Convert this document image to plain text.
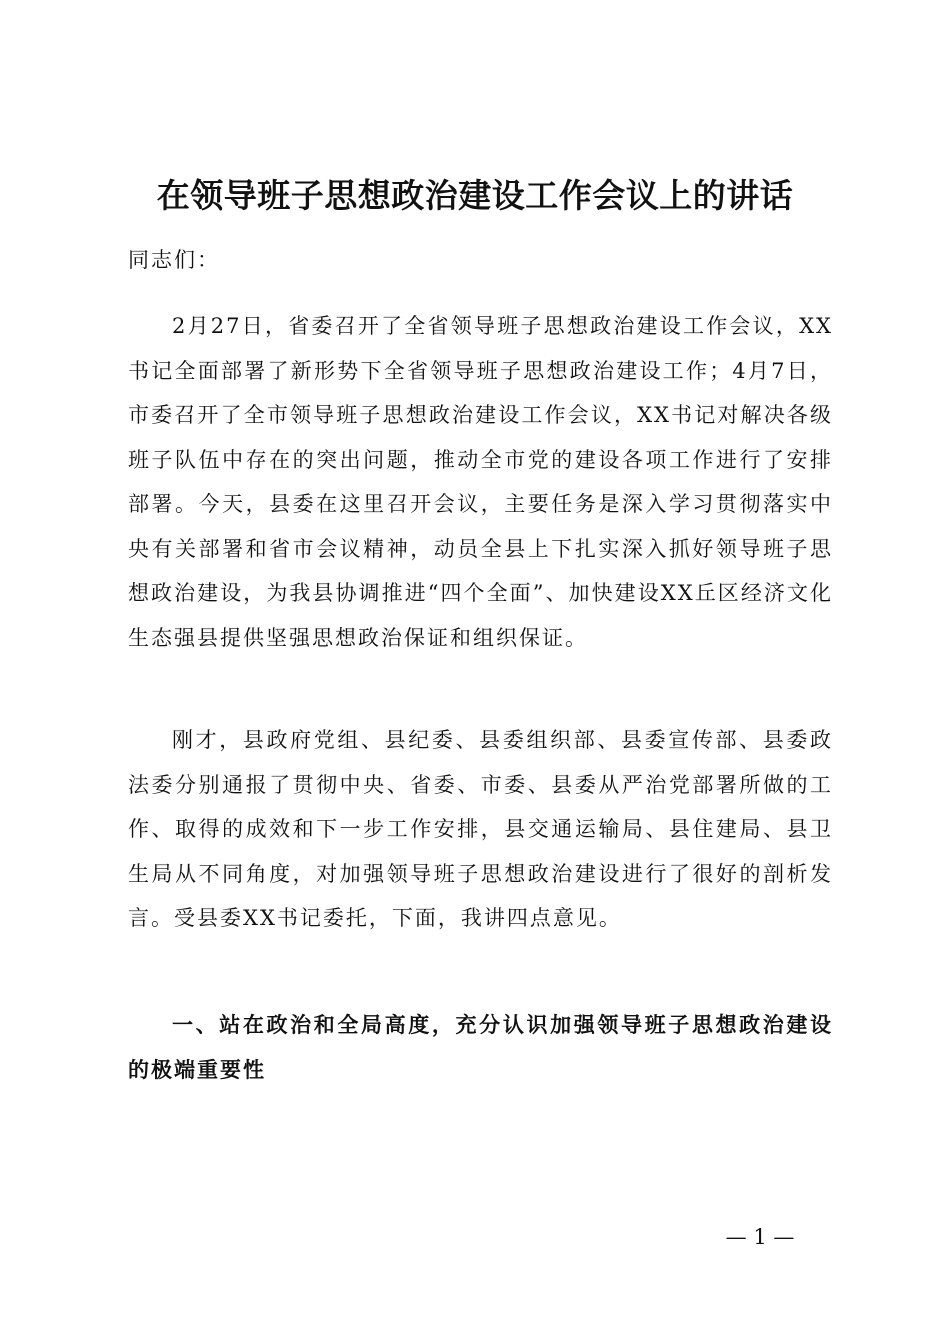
在领导班子思想政治建设工作会议上的讲话

同志们：

2月27日，省委召开了全省领导班子思想政治建设工作会议，XX书记全面部署了新形势下全省领导班子思想政治建设工作；4月7日，市委召开了全市领导班子思想政治建设工作会议，XX书记对解决各级班子队伍中存在的突出问题，推动全市党的建设各项工作进行了安排部署。今天，县委在这里召开会议，主要任务是深入学习贯彻落实中央有关部署和省市会议精神，动员全县上下扎实深入抓好领导班子思想政治建设，为我县协调推进“四个全面”、加快建设XX丘区经济文化生态强县提供坚强思想政治保证和组织保证。

刚才，县政府党组、县纪委、县委组织部、县委宣传部、县委政法委分别通报了贯彻中央、省委、市委、县委从严治党部署所做的工作、取得的成效和下一步工作安排，县交通运输局、县住建局、县卫生局从不同角度，对加强领导班子思想政治建设进行了很好的剖析发言。受县委XX书记委托，下面，我讲四点意见。

一、站在政治和全局高度，充分认识加强领导班子思想政治建设的极端重要性

— 1 —
